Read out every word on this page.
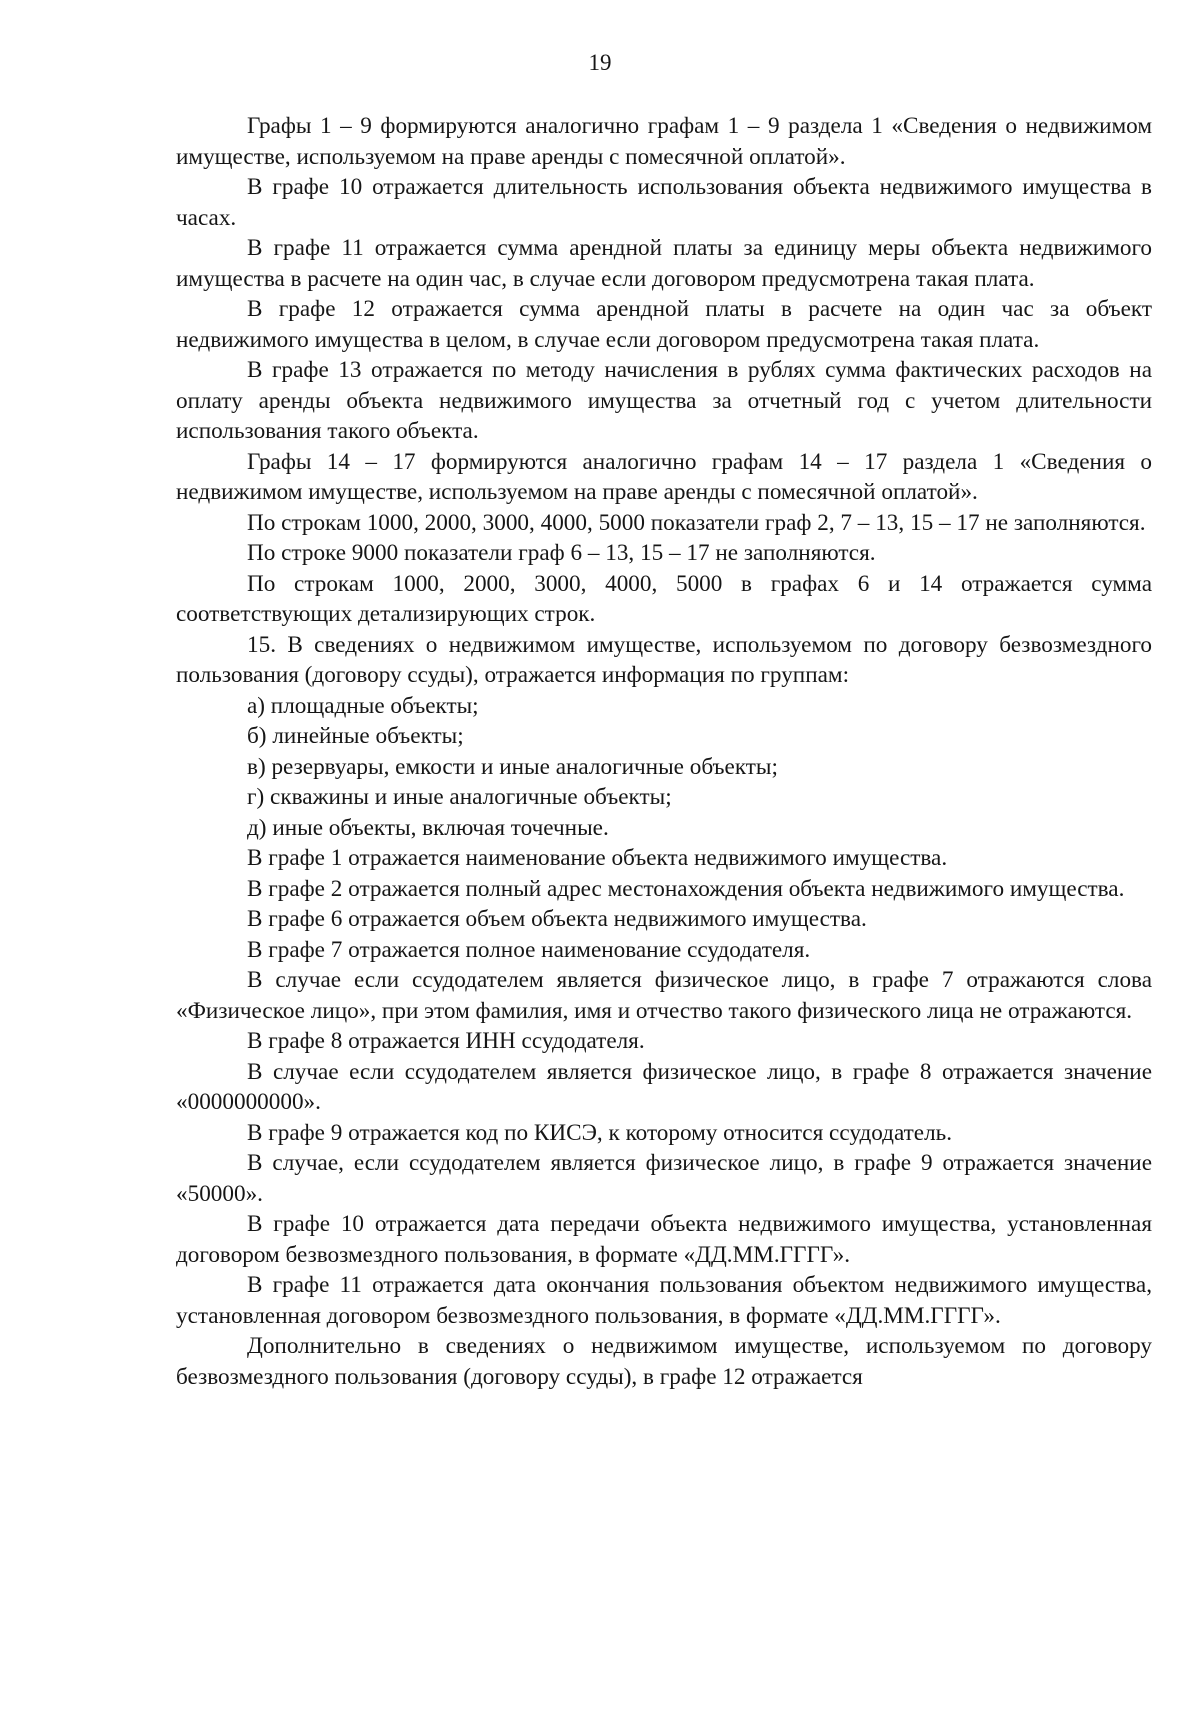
19

Графы 1 – 9 формируются аналогично графам 1 – 9 раздела 1 «Сведения о недвижимом имуществе, используемом на праве аренды с помесячной оплатой».

В графе 10 отражается длительность использования объекта недвижимого имущества в часах.

В графе 11 отражается сумма арендной платы за единицу меры объекта недвижимого имущества в расчете на один час, в случае если договором предусмотрена такая плата.

В графе 12 отражается сумма арендной платы в расчете на один час за объект недвижимого имущества в целом, в случае если договором предусмотрена такая плата.

В графе 13 отражается по методу начисления в рублях сумма фактических расходов на оплату аренды объекта недвижимого имущества за отчетный год с учетом длительности использования такого объекта.

Графы 14 – 17 формируются аналогично графам 14 – 17 раздела 1 «Сведения о недвижимом имуществе, используемом на праве аренды с помесячной оплатой».

По строкам 1000, 2000, 3000, 4000, 5000 показатели граф 2, 7 – 13, 15 – 17 не заполняются.

По строке 9000 показатели граф 6 – 13, 15 – 17 не заполняются.

По строкам 1000, 2000, 3000, 4000, 5000 в графах 6 и 14 отражается сумма соответствующих детализирующих строк.

15. В сведениях о недвижимом имуществе, используемом по договору безвозмездного пользования (договору ссуды), отражается информация по группам:

а) площадные объекты;

б) линейные объекты;

в) резервуары, емкости и иные аналогичные объекты;

г) скважины и иные аналогичные объекты;

д) иные объекты, включая точечные.

В графе 1 отражается наименование объекта недвижимого имущества.

В графе 2 отражается полный адрес местонахождения объекта недвижимого имущества.

В графе 6 отражается объем объекта недвижимого имущества.

В графе 7 отражается полное наименование ссудодателя.

В случае если ссудодателем является физическое лицо, в графе 7 отражаются слова «Физическое лицо», при этом фамилия, имя и отчество такого физического лица не отражаются.

В графе 8 отражается ИНН ссудодателя.

В случае если ссудодателем является физическое лицо, в графе 8 отражается значение «0000000000».

В графе 9 отражается код по КИСЭ, к которому относится ссудодатель.

В случае, если ссудодателем является физическое лицо, в графе 9 отражается значение «50000».

В графе 10 отражается дата передачи объекта недвижимого имущества, установленная договором безвозмездного пользования, в формате «ДД.ММ.ГГГГ».

В графе 11 отражается дата окончания пользования объектом недвижимого имущества, установленная договором безвозмездного пользования, в формате «ДД.ММ.ГГГГ».

Дополнительно в сведениях о недвижимом имуществе, используемом по договору безвозмездного пользования (договору ссуды), в графе 12 отражается
